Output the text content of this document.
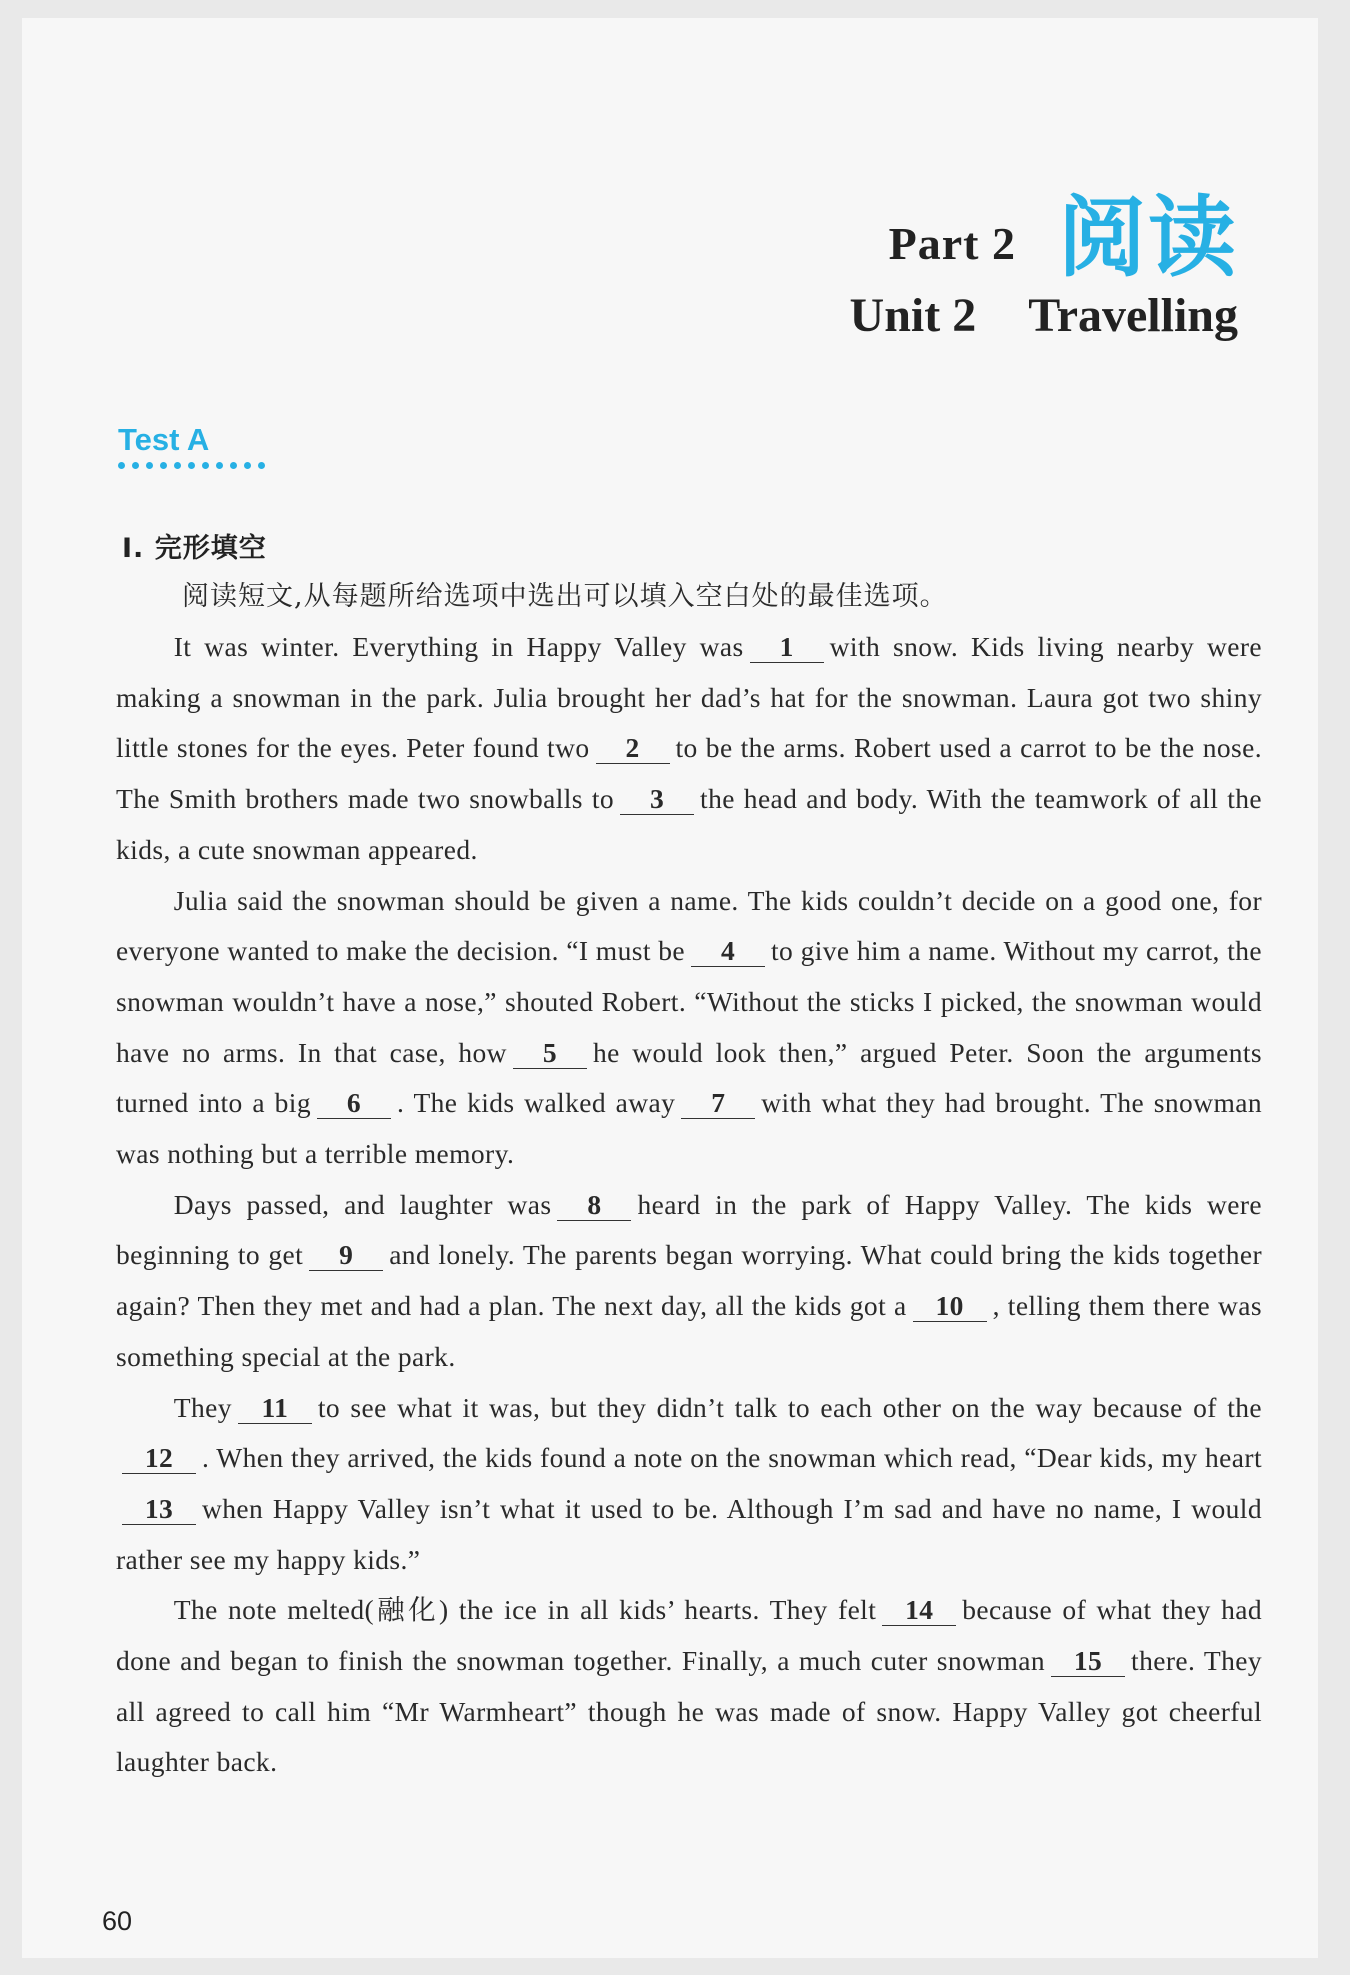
Part 2 阅读
Unit 2 Travelling
Test A
Ⅰ. 完形填空
阅读短文,从每题所给选项中选出可以填入空白处的最佳选项。

It was winter. Everything in Happy Valley was 1 with snow. Kids living nearby were making a snowman in the park. Julia brought her dad’s hat for the snowman. Laura got two shiny little stones for the eyes. Peter found two 2 to be the arms. Robert used a carrot to be the nose. The Smith brothers made two snowballs to 3 the head and body. With the teamwork of all the kids, a cute snowman appeared.

Julia said the snowman should be given a name. The kids couldn’t decide on a good one, for everyone wanted to make the decision. “I must be 4 to give him a name. Without my carrot, the snowman wouldn’t have a nose,” shouted Robert. “Without the sticks I picked, the snowman would have no arms. In that case, how 5 he would look then,” argued Peter. Soon the arguments turned into a big 6 . The kids walked away 7 with what they had brought. The snowman was nothing but a terrible memory.

Days passed, and laughter was 8 heard in the park of Happy Valley. The kids were beginning to get 9 and lonely. The parents began worrying. What could bring the kids together again? Then they met and had a plan. The next day, all the kids got a 10 , telling them there was something special at the park.

They 11 to see what it was, but they didn’t talk to each other on the way because of the12 . When they arrived, the kids found a note on the snowman which read, “Dear kids, my heart13 when Happy Valley isn’t what it used to be. Although I’m sad and have no name, I would rather see my happy kids.”

The note melted(融化) the ice in all kids’ hearts. They felt 14 because of what they had done and began to finish the snowman together. Finally, a much cuter snowman 15 there. They all agreed to call him “Mr Warmheart” though he was made of snow. Happy Valley got cheerful laughter back.

60
